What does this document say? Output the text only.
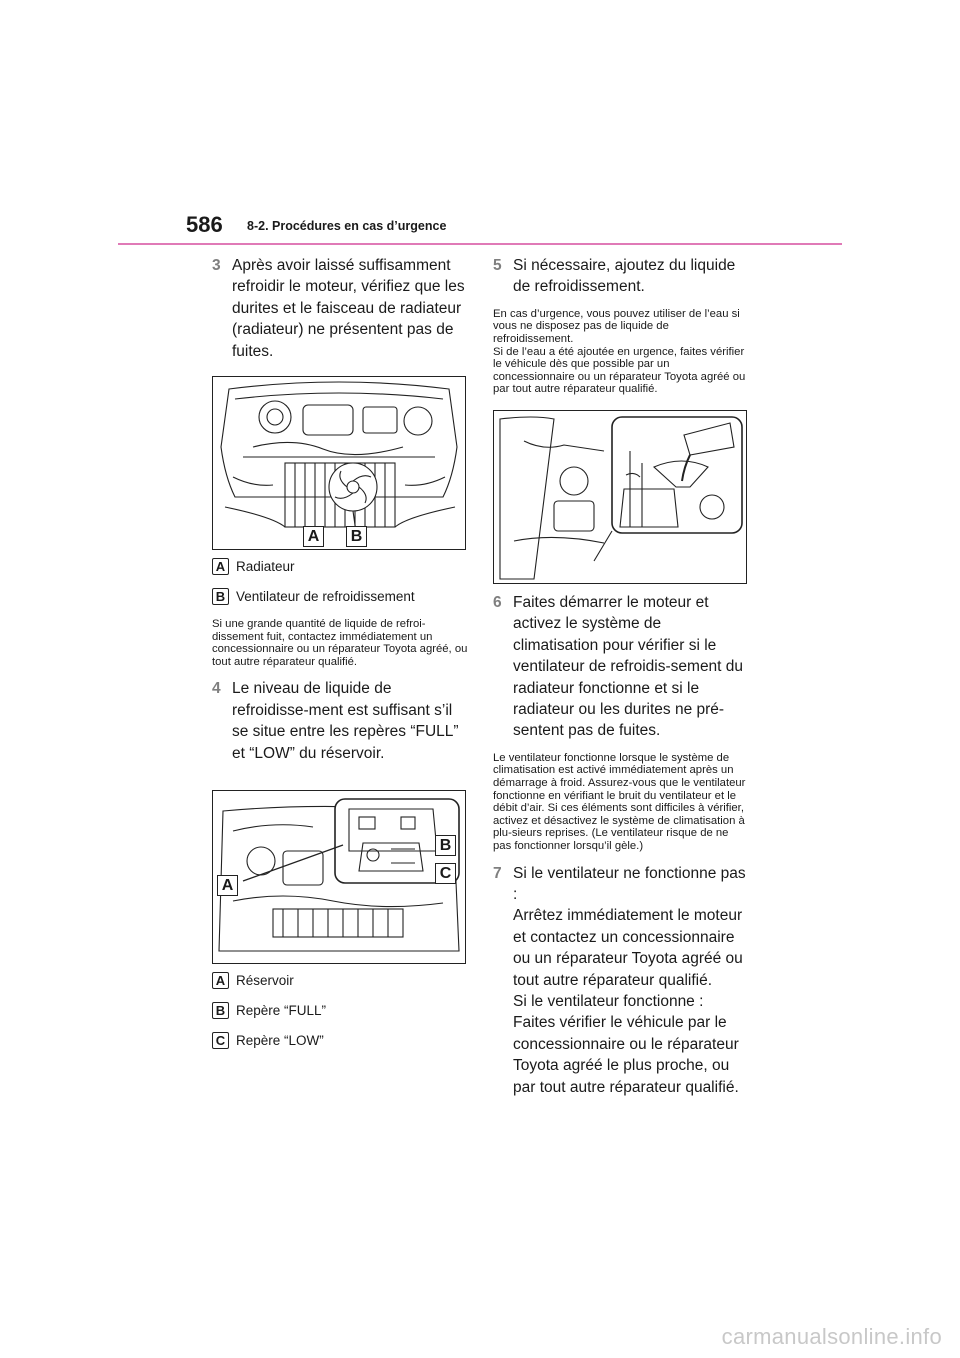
586 8-2. Procédures en cas d’urgence
3 Après avoir laissé suffisamment refroidir le moteur, vérifiez que les durites et le faisceau de radiateur (radiateur) ne présentent pas de fuites.
A B
A Radiateur
B Ventilateur de refroidissement
Si une grande quantité de liquide de refroi-dissement fuit, contactez immédiatement un concessionnaire ou un réparateur Toyota agréé, ou tout autre réparateur qualifié.
4 Le niveau de liquide de refroidisse-ment est suffisant s’il se situe entre les repères “FULL” et “LOW” du réservoir.
A
B
C
A Réservoir
B Repère “FULL”
C Repère “LOW”
5 Si nécessaire, ajoutez du liquide de refroidissement.

En cas d’urgence, vous pouvez utiliser de l’eau si vous ne disposez pas de liquide de refroidissement.

Si de l’eau a été ajoutée en urgence, faites vérifier le véhicule dès que possible par un concessionnaire ou un réparateur Toyota agréé ou par tout autre réparateur qualifié.

6 Faites démarrer le moteur et activez le système de climatisation pour vérifier si le ventilateur de refroidis-sement du radiateur fonctionne et si le radiateur ou les durites ne pré-sentent pas de fuites.
Le ventilateur fonctionne lorsque le système de climatisation est activé immédiatement après un démarrage à froid. Assurez-vous que le ventilateur fonctionne en vérifiant le bruit du ventilateur et le débit d’air. Si ces éléments sont difficiles à vérifier, activez et désactivez le système de climatisation à plu-sieurs reprises. (Le ventilateur risque de ne pas fonctionner lorsqu’il gèle.)
7 Si le ventilateur ne fonctionne pas :
Arrêtez immédiatement le moteur et contactez un concessionnaire ou un réparateur Toyota agréé ou tout autre réparateur qualifié.
Si le ventilateur fonctionne :
Faites vérifier le véhicule par le concessionnaire ou le réparateur Toyota agréé le plus proche, ou par tout autre réparateur qualifié.
carmanualsonline.info
